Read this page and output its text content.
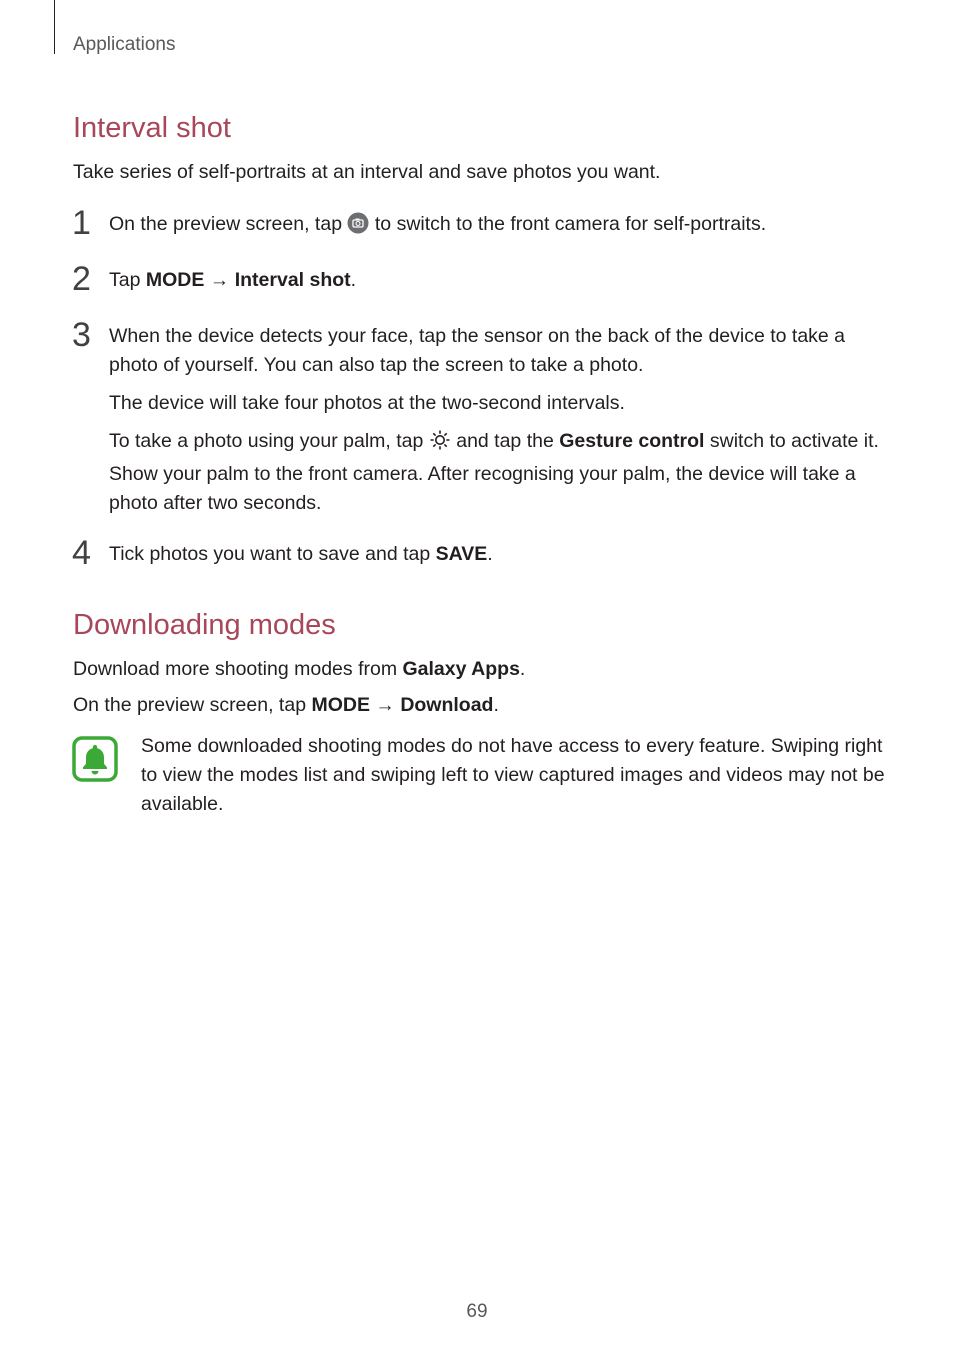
Applications
Interval shot
Take series of self-portraits at an interval and save photos you want.
1 On the preview screen, tap to switch to the front camera for self-portraits.
2 Tap MODE → Interval shot.
3 When the device detects your face, tap the sensor on the back of the device to take a photo of yourself. You can also tap the screen to take a photo.
The device will take four photos at the two-second intervals.
To take a photo using your palm, tap and tap the Gesture control switch to activate it. Show your palm to the front camera. After recognising your palm, the device will take a photo after two seconds.
4 Tick photos you want to save and tap SAVE.
Downloading modes
Download more shooting modes from Galaxy Apps.
On the preview screen, tap MODE → Download.
Some downloaded shooting modes do not have access to every feature. Swiping right to view the modes list and swiping left to view captured images and videos may not be available.
69
